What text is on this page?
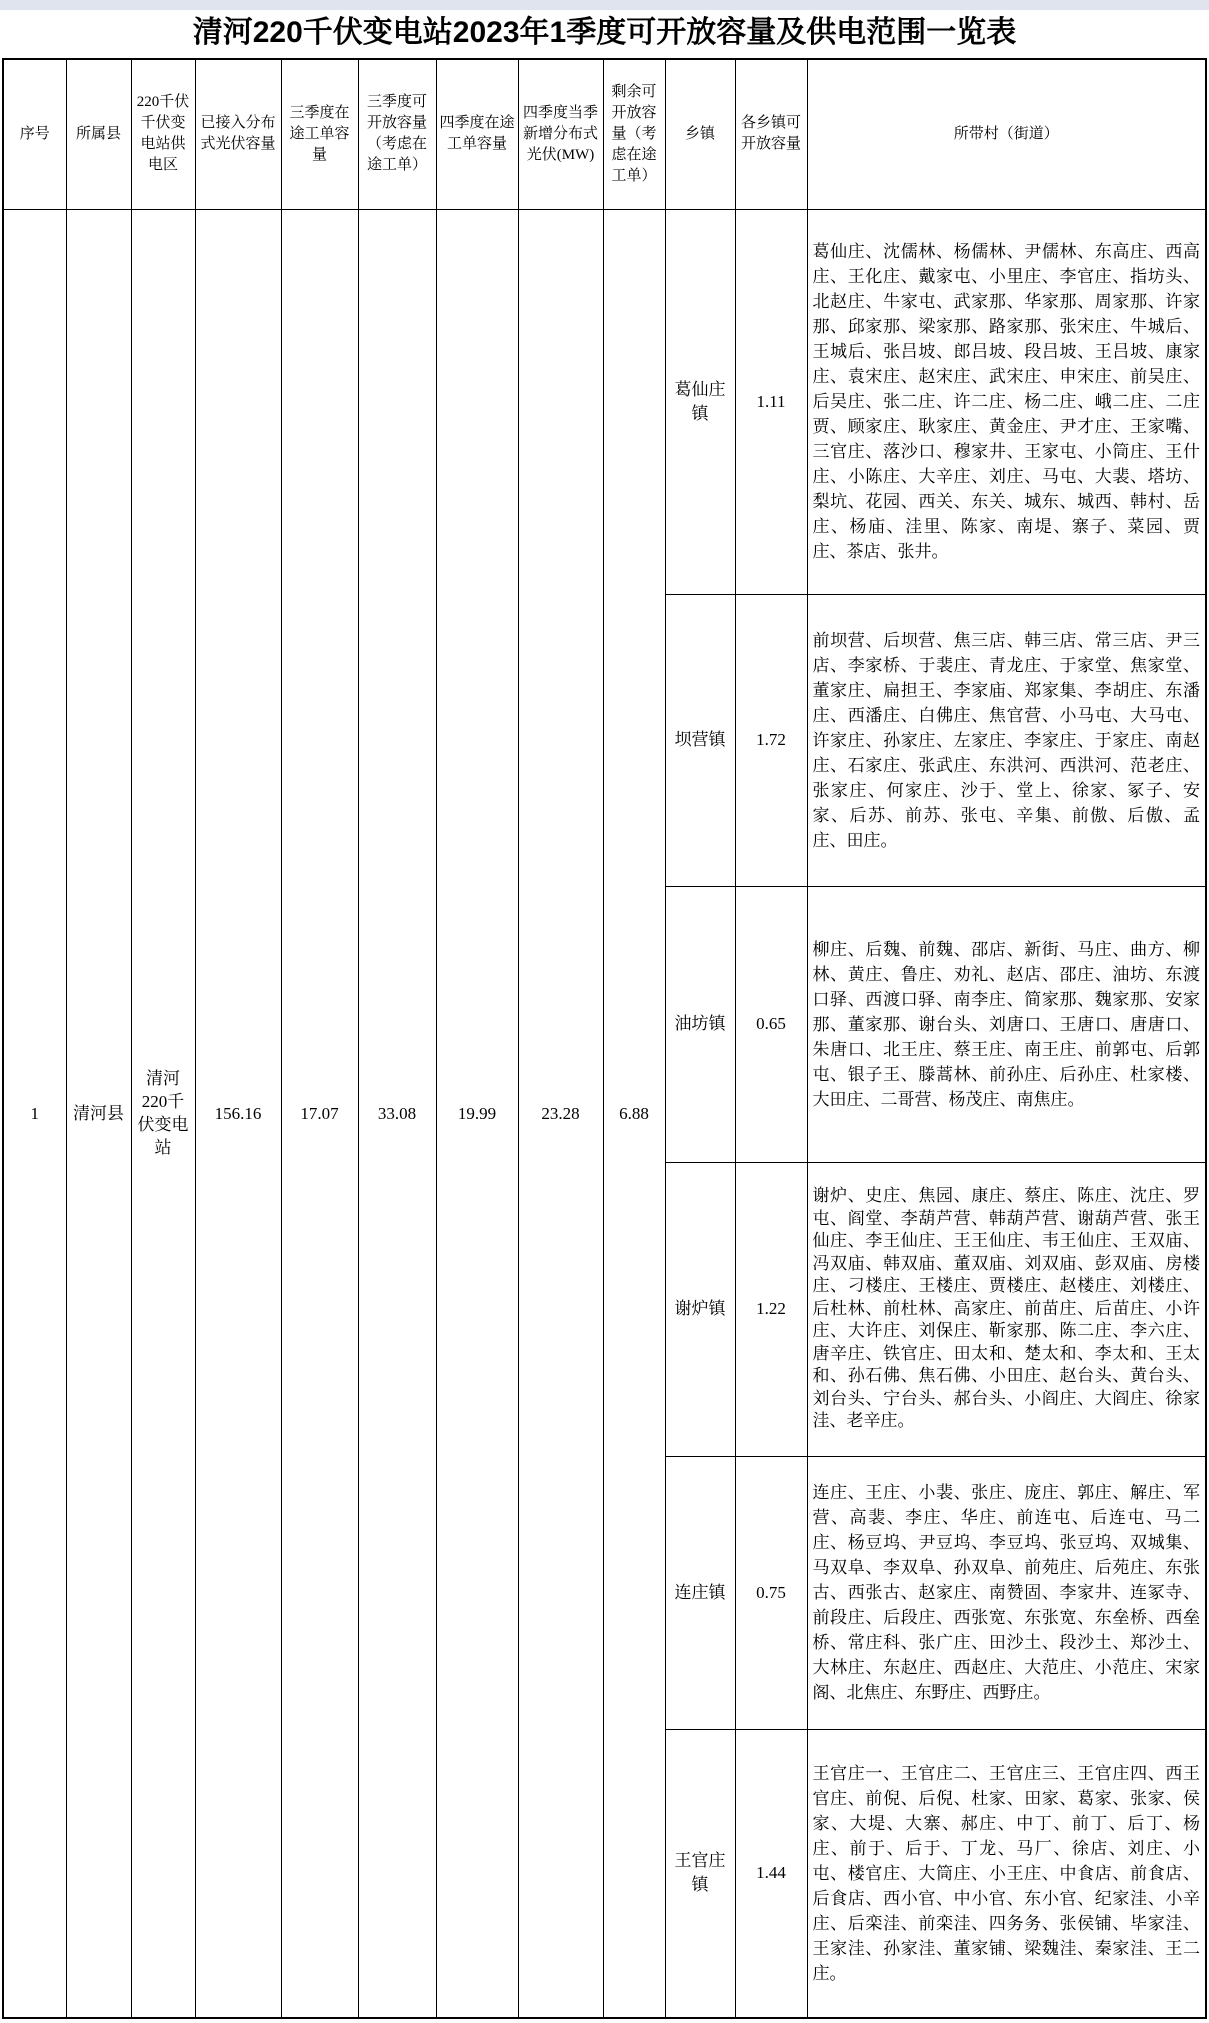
清河220千伏变电站2023年1季度可开放容量及供电范围一览表
序号	所属县	220千伏千伏变电站供电区	已接入分布式光伏容量	三季度在途工单容量	三季度可开放容量（考虑在途工单）	四季度在途工单容量	四季度当季新增分布式光伏(MW)	剩余可开放容量（考虑在途工单）	乡镇	各乡镇可开放容量	所带村（街道）
1	清河县	清河220千伏变电站	156.16	17.07	33.08	19.99	23.28	6.88	葛仙庄镇	1.11	葛仙庄、沈儒林、杨儒林、尹儒林、东高庄、西高庄、王化庄、戴家屯、小里庄、李官庄、指坊头、北赵庄、牛家屯、武家那、华家那、周家那、许家那、邱家那、梁家那、路家那、张宋庄、牛城后、王城后、张吕坡、郎吕坡、段吕坡、王吕坡、康家庄、袁宋庄、赵宋庄、武宋庄、申宋庄、前吴庄、后吴庄、张二庄、许二庄、杨二庄、峨二庄、二庄贾、顾家庄、耿家庄、黄金庄、尹才庄、王家嘴、三官庄、落沙口、穆家井、王家屯、小筒庄、王什庄、小陈庄、大辛庄、刘庄、马屯、大裴、塔坊、梨坑、花园、西关、东关、城东、城西、韩村、岳庄、杨庙、洼里、陈家、南堤、寨子、菜园、贾庄、茶店、张井。

									坝营镇	1.72	前坝营、后坝营、焦三店、韩三店、常三店、尹三店、李家桥、于裴庄、青龙庄、于家堂、焦家堂、董家庄、扁担王、李家庙、郑家集、李胡庄、东潘庄、西潘庄、白佛庄、焦官营、小马屯、大马屯、许家庄、孙家庄、左家庄、李家庄、于家庄、南赵庄、石家庄、张武庄、东洪河、西洪河、范老庄、张家庄、何家庄、沙于、堂上、徐家、冢子、安家、后苏、前苏、张屯、辛集、前傲、后傲、孟庄、田庄。

									油坊镇	0.65	柳庄、后魏、前魏、邵店、新街、马庄、曲方、柳林、黄庄、鲁庄、劝礼、赵店、邵庄、油坊、东渡口驿、西渡口驿、南李庄、简家那、魏家那、安家那、董家那、谢台头、刘唐口、王唐口、唐唐口、朱唐口、北王庄、蔡王庄、南王庄、前郭屯、后郭屯、银子王、滕蒿林、前孙庄、后孙庄、杜家楼、大田庄、二哥营、杨茂庄、南焦庄。

									谢炉镇	1.22	谢炉、史庄、焦园、康庄、蔡庄、陈庄、沈庄、罗屯、阎堂、李葫芦营、韩葫芦营、谢葫芦营、张王仙庄、李王仙庄、王王仙庄、韦王仙庄、王双庙、冯双庙、韩双庙、董双庙、刘双庙、彭双庙、房楼庄、刁楼庄、王楼庄、贾楼庄、赵楼庄、刘楼庄、后杜林、前杜林、高家庄、前苗庄、后苗庄、小许庄、大许庄、刘保庄、靳家那、陈二庄、李六庄、唐辛庄、铁官庄、田太和、楚太和、李太和、王太和、孙石佛、焦石佛、小田庄、赵台头、黄台头、刘台头、宁台头、郝台头、小阎庄、大阎庄、徐家洼、老辛庄。

									连庄镇	0.75	连庄、王庄、小裴、张庄、庞庄、郭庄、解庄、军营、高裴、李庄、华庄、前连屯、后连屯、马二庄、杨豆坞、尹豆坞、李豆坞、张豆坞、双城集、马双阜、李双阜、孙双阜、前苑庄、后苑庄、东张古、西张古、赵家庄、南赞固、李家井、连冢寺、前段庄、后段庄、西张宽、东张宽、东垒桥、西垒桥、常庄科、张广庄、田沙土、段沙土、郑沙土、大林庄、东赵庄、西赵庄、大范庄、小范庄、宋家阁、北焦庄、东野庄、西野庄。

									王官庄镇	1.44	王官庄一、王官庄二、王官庄三、王官庄四、西王官庄、前倪、后倪、杜家、田家、葛家、张家、侯家、大堤、大寨、郝庄、中丁、前丁、后丁、杨庄、前于、后于、丁龙、马厂、徐店、刘庄、小屯、楼官庄、大筒庄、小王庄、中食店、前食店、后食店、西小官、中小官、东小官、纪家洼、小辛庄、后栾洼、前栾洼、四务务、张侯铺、毕家洼、王家洼、孙家洼、董家铺、梁魏洼、秦家洼、王二庄。
